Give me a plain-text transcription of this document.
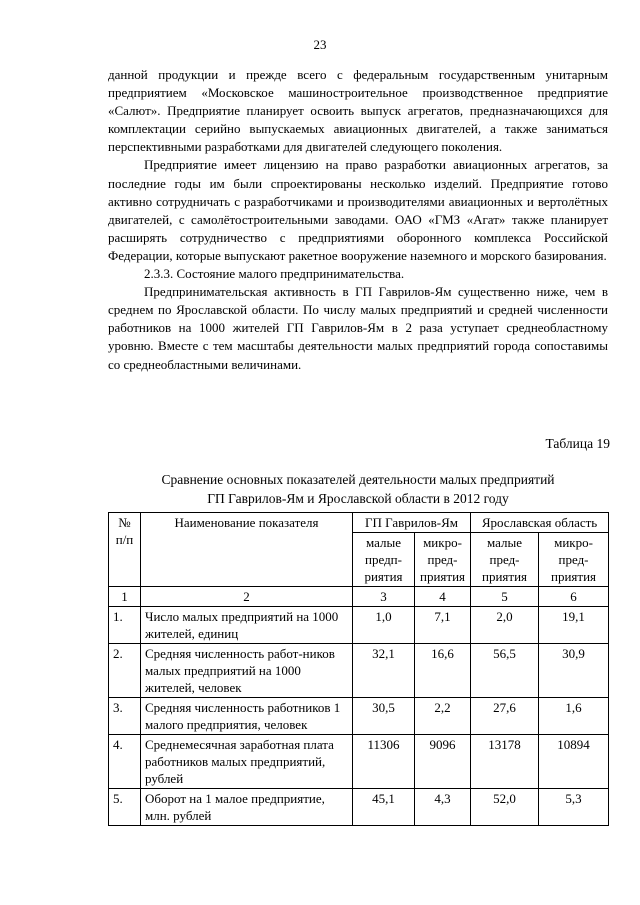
23

данной продукции и прежде всего с федеральным государственным унитарным предприятием «Московское машиностроительное производственное предприятие «Салют». Предприятие планирует освоить выпуск агрегатов, предназначающихся для комплектации серийно выпускаемых авиационных двигателей, а также заниматься перспективными разработками для двигателей следующего поколения.

Предприятие имеет лицензию на право разработки авиационных агрегатов, за последние годы им были спроектированы несколько изделий. Предприятие готово активно сотрудничать с разработчиками и производителями авиационных и вертолётных двигателей, с самолётостроительными заводами. ОАО «ГМЗ «Агат» также планирует расширять сотрудничество с предприятиями оборонного комплекса Российской Федерации, которые выпускают ракетное вооружение наземного и морского базирования.

2.3.3. Состояние малого предпринимательства.

Предпринимательская активность в ГП Гаврилов-Ям существенно ниже, чем в среднем по Ярославской области. По числу малых предприятий и средней численности работников на 1000 жителей ГП Гаврилов-Ям в 2 раза уступает среднеобластному уровню. Вместе с тем масштабы деятельности малых предприятий города сопоставимы со среднеобластными величинами.

Таблица 19
Сравнение основных показателей деятельности малых предприятий
ГП Гаврилов-Ям и Ярославской области в 2012 году
№ п/п	Наименование показателя	ГП Гаврилов-Ям		Ярославская область	
		малые предп-риятия	микро-пред-приятия	малые пред-приятия	микро-пред-приятия
1	2	3	4	5	6
1.	Число малых предприятий на 1000 жителей, единиц	1,0	7,1	2,0	19,1
2.	Средняя численность работ-ников малых предприятий на 1000 жителей, человек	32,1	16,6	56,5	30,9
3.	Средняя численность работников 1 малого предприятия, человек	30,5	2,2	27,6	1,6
4.	Среднемесячная заработная плата работников малых предприятий, рублей	11306	9096	13178	10894
5.	Оборот на 1 малое предприятие, млн. рублей	45,1	4,3	52,0	5,3
